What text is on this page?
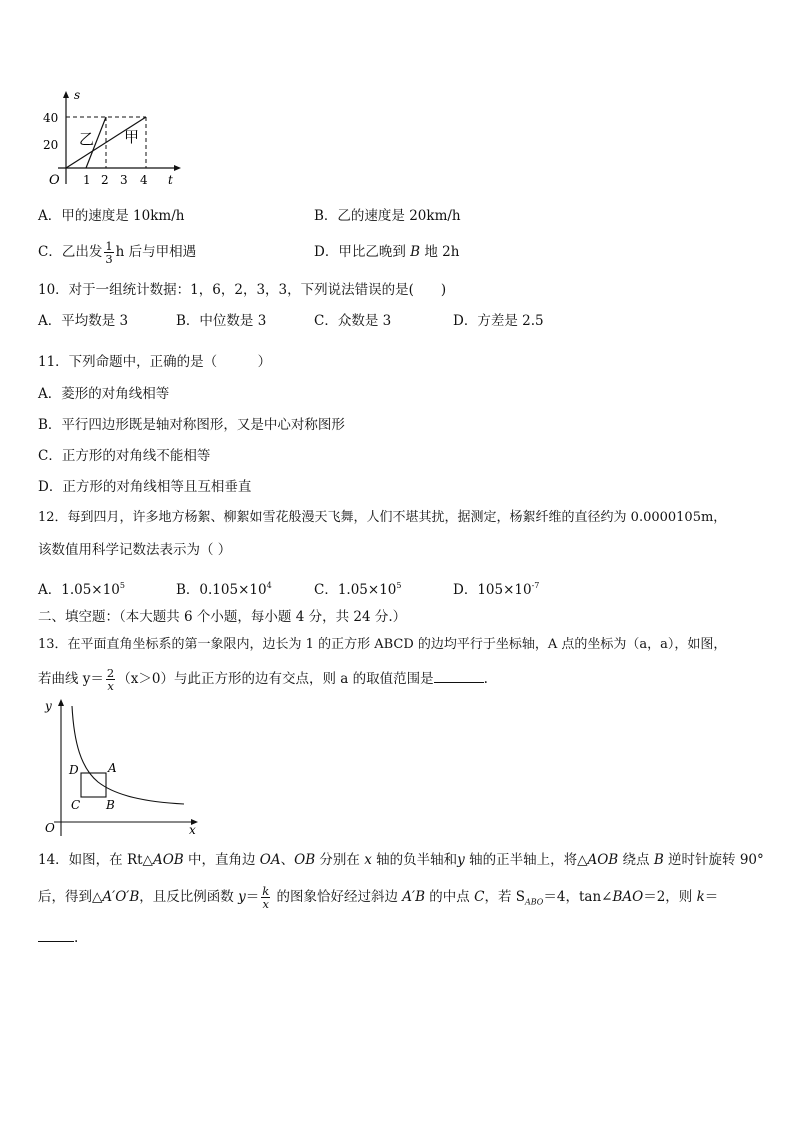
s
t
O
40
20
1 2 3 4
乙 甲
A．甲的速度是 10km/h	B．乙的速度是 20km/h
C．乙出发 $\frac{1}{3}$ h 后与甲相遇	D．甲比乙晚到 B 地 2h
10．对于一组统计数据：1，6，2，3，3，下列说法错误的是(　　)
A．平均数是 3	B．中位数是 3	C．众数是 3	D．方差是 2.5
11．下列命题中，正确的是（　　　）
A．菱形的对角线相等
B．平行四边形既是轴对称图形，又是中心对称图形
C．正方形的对角线不能相等
D．正方形的对角线相等且互相垂直
12．每到四月，许多地方杨絮、柳絮如雪花般漫天飞舞，人们不堪其扰，据测定，杨絮纤维的直径约为 0.0000105m，
该数值用科学记数法表示为（ ）
A．$1.05\times 10^5$	B．$0.105\times 10^4$	C．$1.05\times 10^5$	D．$105\times 10^{-7}$
二、填空题：（本大题共 6 个小题，每小题 4 分，共 24 分.）
13．在平面直角坐标系的第一象限内，边长为 1 的正方形 ABCD 的边均平行于坐标轴，A 点的坐标为（a，a），如图，
若曲线 $y= \frac{2}{x} (x>0)$与此正方形的边有交点，则 a 的取值范围是	.
y
x
O
D A
C B
14．如图，在 Rt△AOB 中，直角边 OA、OB 分别在 x 轴的负半轴和y 轴的正半轴上，将△AOB 绕点 B 逆时针旋转 90°
后，得到△A′O′B，且反比例函数 $y= \frac{k}{x}$ 的图象恰好经过斜边 A′B 的中点 C，若 $S_{ABO}=4$，tan∠BAO＝2，则 k＝
.
